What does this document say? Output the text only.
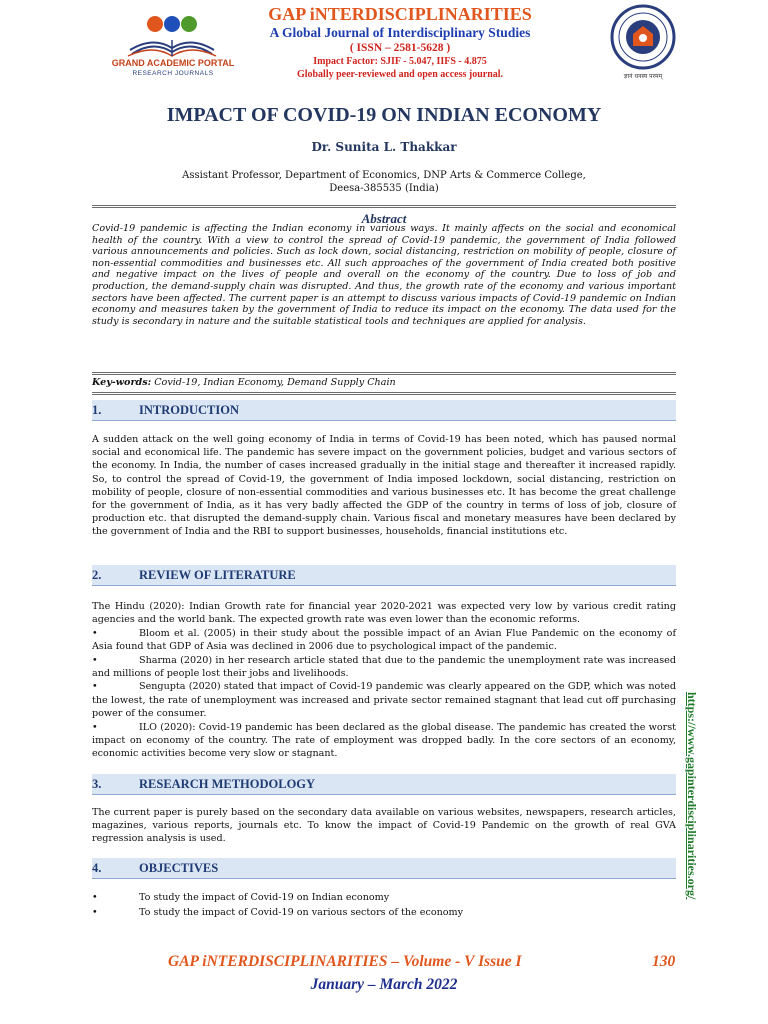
GRAND ACADEMIC PORTAL
RESEARCH JOURNALS
GAP iNTERDISCIPLINARITIES
A Global Journal of Interdisciplinary Studies
( ISSN – 2581-5628 )
Impact Factor: SJIF - 5.047, IIFS - 4.875
Globally peer-reviewed and open access journal.	ज्ञानं धनस्य परमम्
IMPACT OF COVID-19 ON INDIAN ECONOMY
Dr. Sunita L. Thakkar
Assistant Professor, Department of Economics, DNP Arts & Commerce College,
Deesa-385535 (India)
Abstract
Covid-19 pandemic is affecting the Indian economy in various ways. It mainly affects on the social and economical health of the country. With a view to control the spread of Covid-19 pandemic, the government of India followed various announcements and policies. Such as lock down, social distancing, restriction on mobility of people, closure of non-essential commodities and businesses etc. All such approaches of the government of India created both positive and negative impact on the lives of people and overall on the economy of the country. Due to loss of job and production, the demand-supply chain was disrupted. And thus, the growth rate of the economy and various important sectors have been affected. The current paper is an attempt to discuss various impacts of Covid-19 pandemic on Indian economy and measures taken by the government of India to reduce its impact on the economy. The data used for the study is secondary in nature and the suitable statistical tools and techniques are applied for analysis.
Key-words: Covid-19, Indian Economy, Demand Supply Chain
1.	INTRODUCTION
A sudden attack on the well going economy of India in terms of Covid-19 has been noted, which has paused normal social and economical life. The pandemic has severe impact on the government policies, budget and various sectors of the economy. In India, the number of cases increased gradually in the initial stage and thereafter it increased rapidly. So, to control the spread of Covid-19, the government of India imposed lockdown, social distancing, restriction on mobility of people, closure of non-essential commodities and various businesses etc. It has become the great challenge for the government of India, as it has very badly affected the GDP of the country in terms of loss of job, closure of production etc. that disrupted the demand-supply chain. Various fiscal and monetary measures have been declared by the government of India and the RBI to support businesses, households, financial institutions etc.
2.	REVIEW OF LITERATURE

The Hindu (2020): Indian Growth rate for financial year 2020-2021 was expected very low by various credit rating agencies and the world bank. The expected growth rate was even lower than the economic reforms.

•	Bloom et al. (2005) in their study about the possible impact of an Avian Flue Pandemic on the economy of Asia found that GDP of Asia was declined in 2006 due to psychological impact of the pandemic.

•	Sharma (2020) in her research article stated that due to the pandemic the unemployment rate was increased and millions of people lost their jobs and livelihoods.

•	Sengupta (2020) stated that impact of Covid-19 pandemic was clearly appeared on the GDP, which was noted the lowest, the rate of unemployment was increased and private sector remained stagnant that lead cut off purchasing power of the consumer.

•	ILO (2020): Covid-19 pandemic has been declared as the global disease. The pandemic has created the worst impact on economy of the country. The rate of employment was dropped badly. In the core sectors of an economy, economic activities become very slow or stagnant.

3.	RESEARCH METHODOLOGY
The current paper is purely based on the secondary data available on various websites, newspapers, research articles, magazines, various reports, journals etc. To know the impact of Covid-19 Pandemic on the growth of real GVA regression analysis is used.
4.	OBJECTIVES
•	To study the impact of Covid-19 on Indian economy
•	To study the impact of Covid-19 on various sectors of the economy
https://www.gapinterdisciplinarities.org/
GAP iNTERDISCIPLINARITIES – Volume - V Issue I	130
January – March 2022
